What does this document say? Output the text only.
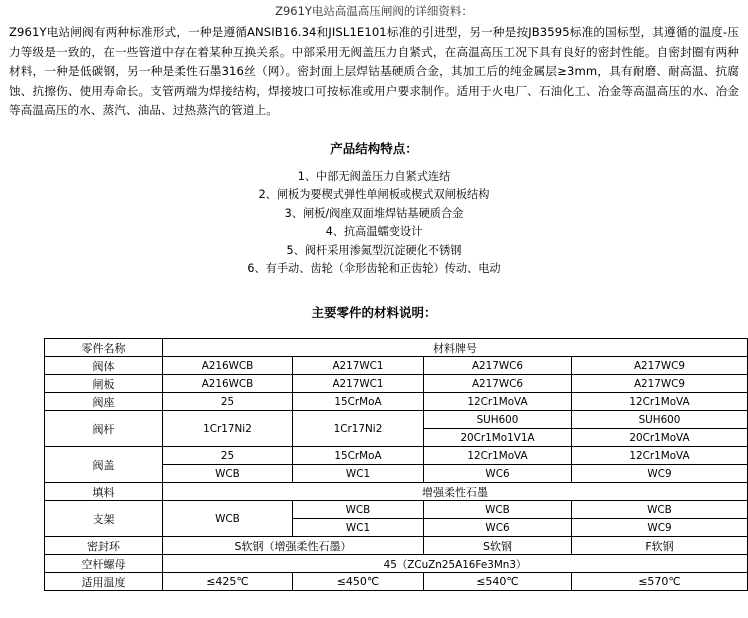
Z961Y电站高温高压闸阀的详细资料：

Z961Y电站闸阀有两种标准形式，一种是遵循ANSIB16.34和JISL1E101标准的引进型，另一种是按JB3595标准的国标型，其遵循的温度-压力等级是一致的，在一些管道中存在着某种互换关系。中部采用无阀盖压力自紧式，在高温高压工况下具有良好的密封性能。自密封圈有两种材料，一种是低碳钢，另一种是柔性石墨316丝（网）。密封面上层焊钴基硬质合金，其加工后的纯金属层≥3mm，具有耐磨、耐高温、抗腐蚀、抗擦伤、使用寿命长。支管两端为焊接结构，焊接坡口可按标准或用户要求制作。适用于火电厂、石油化工、冶金等高温高压的水、冶金等高温高压的水、蒸汽、油品、过热蒸汽的管道上。

产品结构特点：
1、中部无阀盖压力自紧式连结
2、闸板为要楔式弹性单闸板或楔式双闸板结构
3、闸板/阀座双面堆焊钴基硬质合金
4、抗高温蠕变设计
5、阀杆采用渗氮型沉淀硬化不锈钢
6、有手动、齿轮（伞形齿轮和正齿轮）传动、电动
主要零件的材料说明：
零件名称	材料牌号			
阀体	A216WCB	A217WC1	A217WC6	A217WC9
闸板	A216WCB	A217WC1	A217WC6	A217WC9
阀座	25	15CrMoA	12Cr1MoVA	12Cr1MoVA
阀杆	1Cr17Ni2	1Cr17Ni2	SUH600	SUH600
			20Cr1Mo1V1A	20Cr1MoVA
阀盖	25	15CrMoA	12Cr1MoVA	12Cr1MoVA
	WCB	WC1	WC6	WC9
填料	增强柔性石墨			
支架	WCB	WCB	WCB	WCB
		WC1	WC6	WC9
密封环	S软钢（增强柔性石墨）		S软钢	F软钢
空杆螺母	45（ZCuZn25A16Fe3Mn3）			
适用温度	≤425℃	≤450℃	≤540℃	≤570℃
